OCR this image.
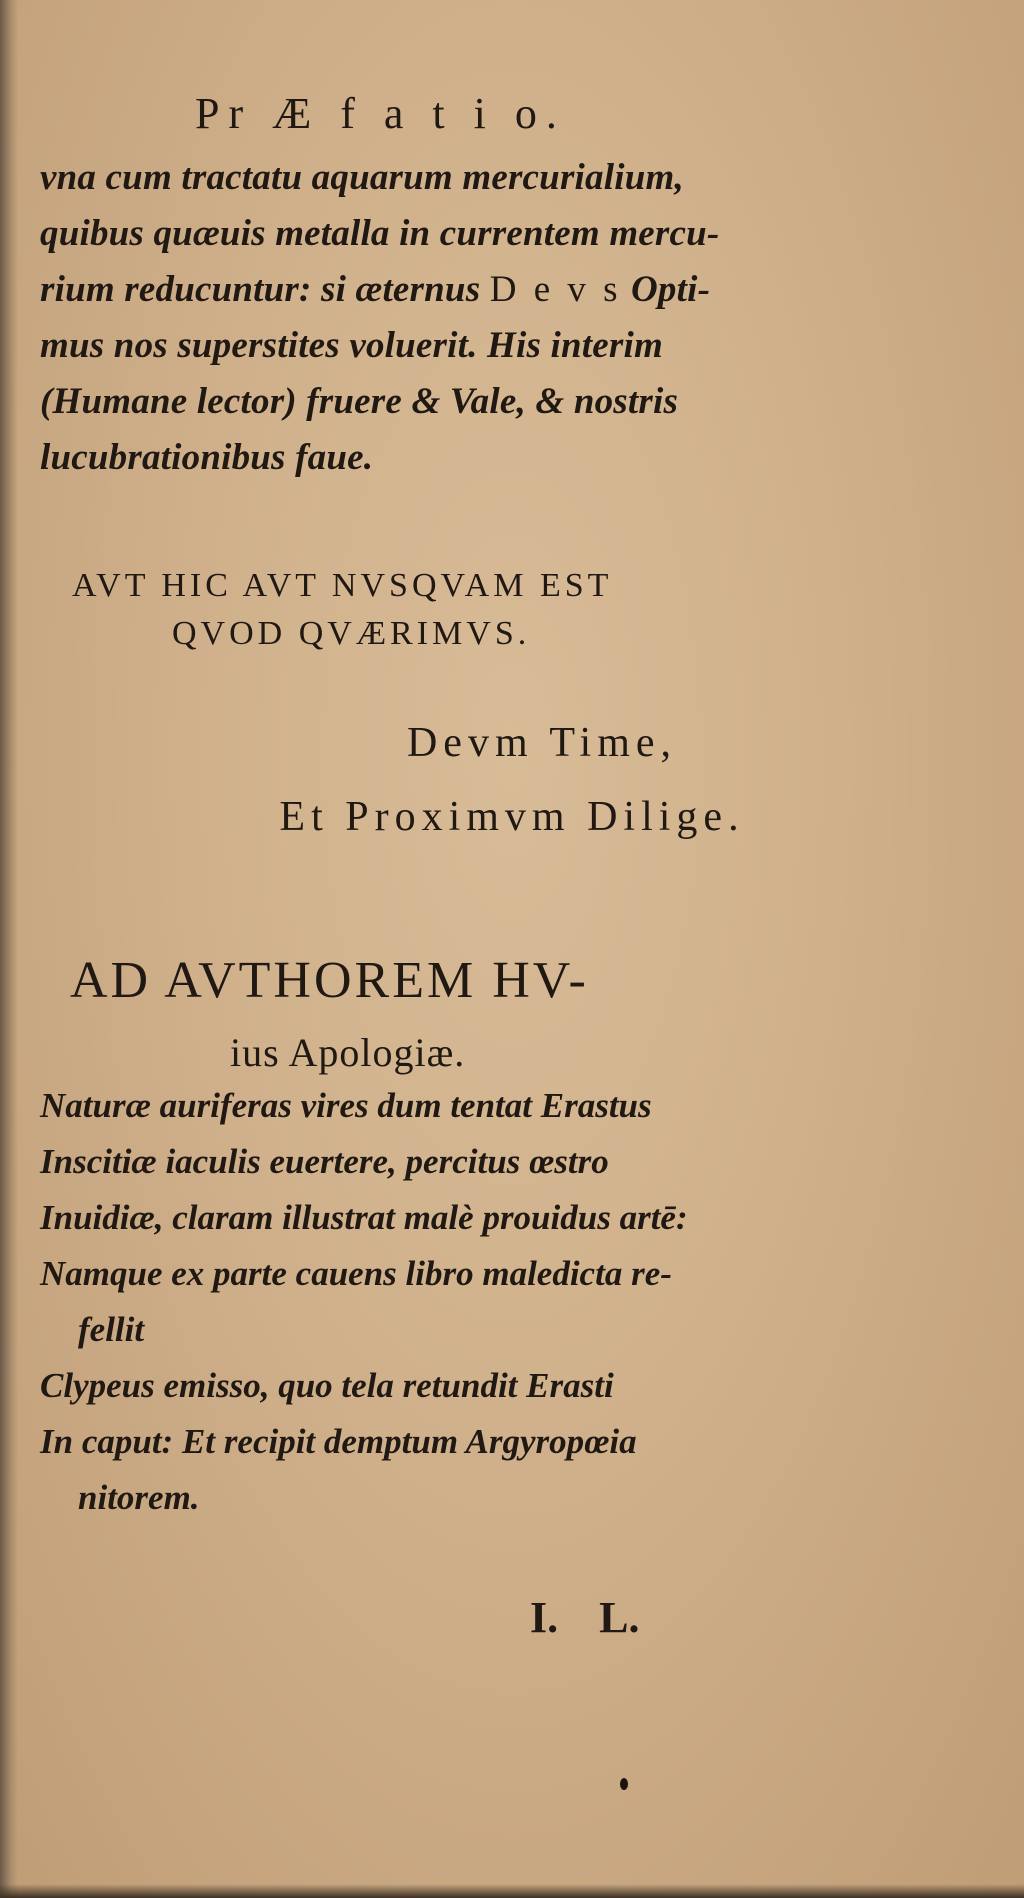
Pr Æ f a t i o.
vna cum tractatu aquarum mercurialium,
quibus quæuis metalla in currentem mercu-
rium reducuntur: si æternus D e v s Opti-
mus nos superstites voluerit. His interim
(Humane lector) fruere & Vale, & nostris
lucubrationibus faue.
AVT HIC AVT NVSQVAM EST
QVOD QVÆRIMVS.
Devm Time,
Et Proximvm Dilige.
AD AVTHOREM HV-
ius Apologiæ.
Naturæ auriferas vires dum tentat Erastus
Inscitiæ iaculis euertere, percitus œstro
Inuidiæ, claram illustrat malè prouidus artē:
Namque ex parte cauens libro maledicta re-
fellit
Clypeus emisso, quo tela retundit Erasti
In caput: Et recipit demptum Argyropœia
nitorem.
I. L.
